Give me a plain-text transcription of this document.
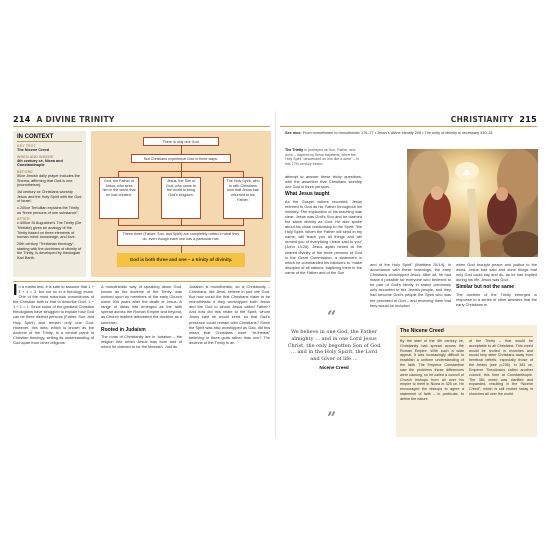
214 A DIVINE TRINITY	CHRISTIANITY 215
IN CONTEXT
KEY TEXT
The Nicene Creed
WHEN AND WHERE
4th century ce, Nicea and Constantinople
BEFORE
50ce Jewish daily prayer includes the Shema, affirming that God is one (monotheism).
1st century ce Christians worship Jesus and the Holy Spirit with the God of Israel.
c.200ce Tertullian explains the Trinity as “three persons of one substance”.
AFTER
c.400ce St Augustine's The Trinity (De Trinitate) gives an analogy of the Trinity based on three elements of human mind: knowledge, and love.
20th century “Trinitarian theology”, starting with the doctrines of divinity of the Trinity, is developed by theologian Karl Barth.
There is only one God.
But Christians experience God in three ways:
God, the Father of Jesus, who sees him in the world that he had created.
Jesus, the Son of God, who came to the world to bring God's kingdom.
The Holy Spirit, who is with Christians now that Jesus has returned to his Father.
These three (Father, Son, and Spirit) are completely united in what they do, even though each one has a particular role.
God is both three and one – a trinity of divinity.
In a maths test, it is safe to assume that 1 + 1 + 1 = 3, but not so in a theology exam. One of the most notorious conundrums of the Christian faith is that to describe God, 1 + 1 + 1 = 1. Since some of the greatest Christian theologians have struggled to explain how God can be three distinct persons (Father, Son, and Holy Spirit) and remain only one God. However, this idea, which is known as the doctrine of the Trinity, is a central plank in Christian theology, setting its understanding of God apart from other religions.
A monotheistic way of speaking about God, known as the doctrine of the Trinity, was worked upon by members of the early Church some 300 years after the death of Jesus. A range of ideas has emerged as the faith spread across the Roman Empire and beyond, as Church leaders articulated the doctrine as a unknown.
Rooted in Judaism
The roots of Christianity are in Judaism – the religion into which Jesus was born and of which he claimed to be the Messiah. Just as
Judaism is monotheistic, so is Christianity – Christians, like Jews, believe in just one God. But how could the first Christians claim to be monotheistic if they worshipped both Jesus and the God to whom Jesus called Father? And how did this relate to the Spirit, whom Jesus said he would send, so that God's presence could remain with Christians? Since the Spirit was also worshipped as God, did this mean that Christians were “tri-theists” believing in three gods rather than one? The doctrine of the Trinity is an
See also: From monotheism to monotheistic 176–77 • Jesus's divine identity 208 • The unity of divinity is necessary 330–31
The Trinity is portrayed as Son, Father, and dove – inspired by these baptisms, when the Holy Spirit “descended on him like a dove” – in this 17th-century fresco.
attempt to answer these tricky questions, with the assertion that Christians worship one God in three persons.
What Jesus taught
As the Gospel writers recorded, Jesus referred to God as his Father throughout his ministry. The implication of his teaching was clear. Jesus was God's Son and he claimed the same divinity as God. He also spoke about his close relationship to the Spirit: “the Holy Spirit, whom the Father will send in my name, will teach you all things and will remind you of everything I have said to you” (John 14:26). Jesus again hinted at the shared divinity of the three persons of God in the Great Commission, a statement in which he commanded his followers to “make disciples of all nations, baptizing them in the name of the Father and of the Son
and of the Holy Spirit” (Matthew 28:19). In accordance with these teachings, the early Christians worshipped Jesus. After all, he had made it possible for everyone who believed to be part of God's family in status previously only accorded to the Jewish people, and they had become God's people the Spirit who was the promised of God – and receiving them that they would be included
when God brought peace and justice to the world. Jesus had said and done things that only God could say and do, as he had implied during his life, Jesus was God.
Similar but not the same
The doctrine of the Trinity emerged in response to a series of other answers that the early Christians m
“
We believe in one God, the Father almighty … and in one Lord Jesus Christ, the only begotten Son of God … and in the Holy Spirit, the Lord and Giver of life …
Nicene Creed
”
The Nicene Creed
By the start of the 4th century ce, Christianity had spread across the Roman Empire. With such a wide appeal, it was increasingly difficult to establish a uniform understanding of the faith. The Emperor Constantine saw the problems these differences were causing, so he called a council of Church bishops from all over his empire to meet in Nicea in 325 ce. He encouraged the bishops to agree a statement of faith – in particular, to define the nature
of the Trinity – that would be acceptable to all Christians. This creed would be recited in churches and would help steer Christians away from heretical beliefs, especially those of the Arians (see p.236). In 381 ce, Emperor Theodosius called another council, this time at Constantinople. The 381 creed was clarified and expanded, resulting in the “Nicene Creed”, which is still recited today in churches all over the world.
